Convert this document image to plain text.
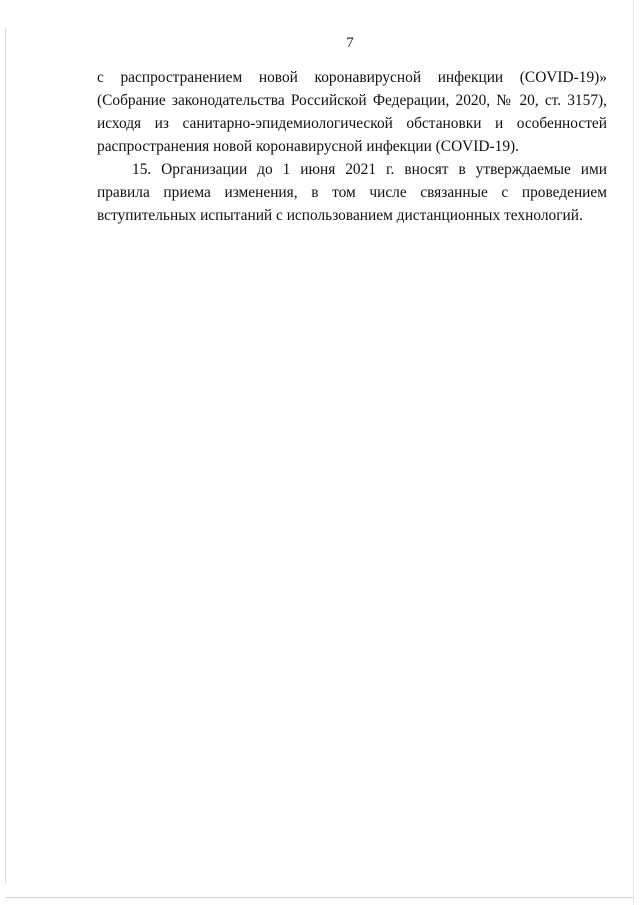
7

с распространением новой коронавирусной инфекции (COVID-19)»
(Собрание законодательства Российской Федерации, 2020, № 20, ст. 3157),
исходя из санитарно-эпидемиологической обстановки и особенностей
распространения новой коронавирусной инфекции (COVID-19).

15. Организации до 1 июня 2021 г. вносят в утверждаемые ими
правила приема изменения, в том числе связанные с проведением
вступительных испытаний с использованием дистанционных технологий.
